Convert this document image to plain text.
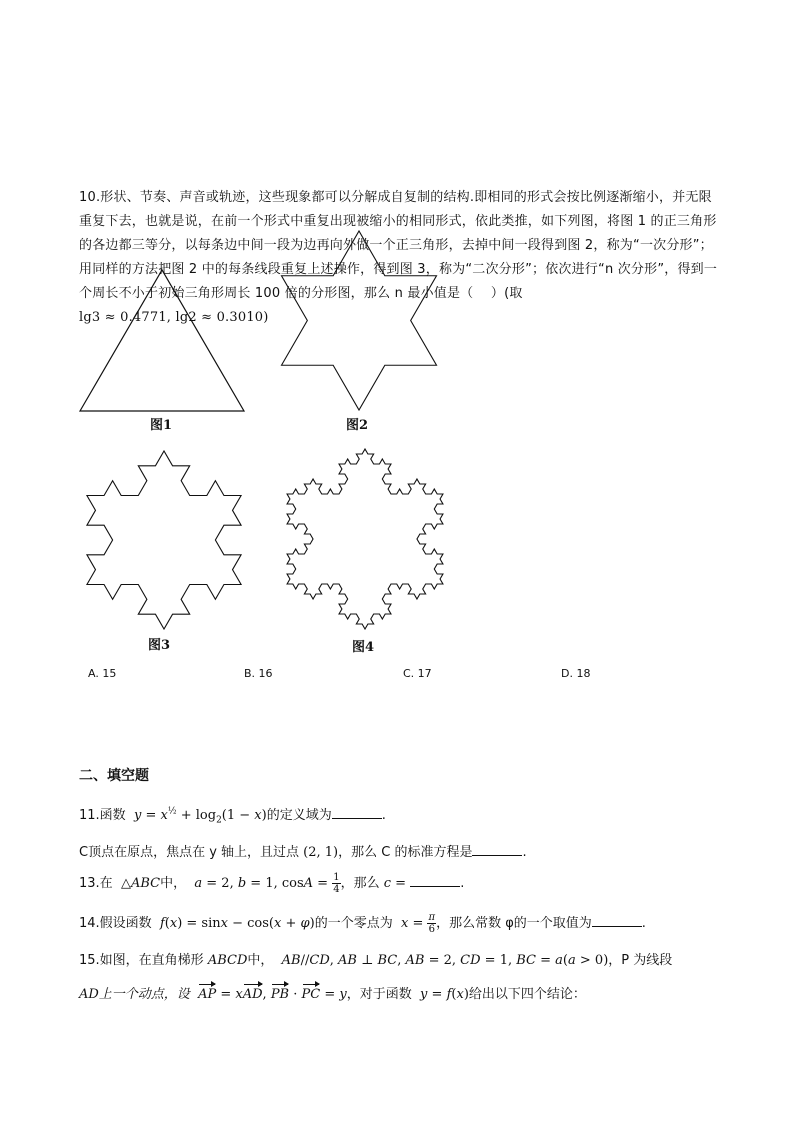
10.形状、节奏、声音或轨迹，这些现象都可以分解成自复制的结构.即相同的形式会按比例逐渐缩小，并无限重复下去，也就是说，在前一个形式中重复出现被缩小的相同形式，依此类推，如下列图，将图 1 的正三角形的各边都三等分，以每条边中间一段为边再向外做一个正三角形，去掉中间一段得到图 2，称为“一次分形”；用同样的方法把图 2 中的每条线段重复上述操作，得到图 3，称为“二次分形”；依次进行“n 次分形”，得到一个周长不小于初始三角形周长 100 倍的分形图，那么 n 最小值是（　 ）(取
lg3 ≈ 0.4771, lg2 ≈ 0.3010)
图1	图2
图3	图4
A. 15	B. 16	C. 17	D. 18
二、填空题
11.函数 $y = x^{\frac{1}{2}} + \log_2(1 - x)$的定义域为	.
C顶点在原点，焦点在 y 轴上，且过点 (2, 1)，那么 C 的标准方程是	.
13.在 △ABC中， a = 2, b = 1, $\cos A = \frac{1}{4}$ ，那么 c =	.
14.假设函数 f(x) = sinx − cos(x + φ)的一个零点为 $x = \frac{\pi}{6}$ ，那么常数 φ的一个取值为	.
15.如图，在直角梯形 ABCD中， AB//CD, AB ⊥ BC, AB = 2, CD = 1, BC = a(a > 0)，P 为线段
AD上一个动点，设 AP = xAD, PB · PC = y，对于函数 y = f(x)给出以下四个结论：
